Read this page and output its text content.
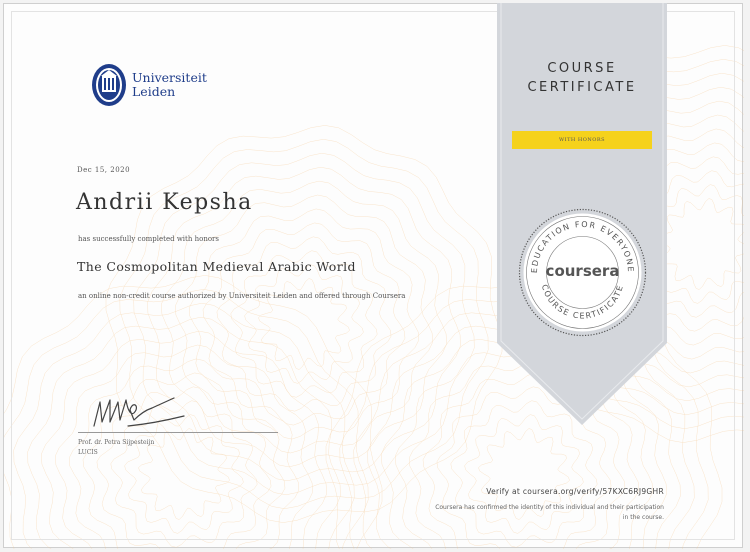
Universiteit
Leiden
Dec 15, 2020
Andrii Kepsha
has successfully completed with honors
The Cosmopolitan Medieval Arabic World
an online non-credit course authorized by Universiteit Leiden and offered through Coursera
Prof. dr. Petra Sijpesteijn
LUCIS
COURSE
CERTIFICATE
WITH HONORS
EDUCATION FOR EVERYONE
COURSE CERTIFICATE
coursera
Verify at coursera.org/verify/57KXC6RJ9GHR
Coursera has confirmed the identity of this individual and their participation in the course.
